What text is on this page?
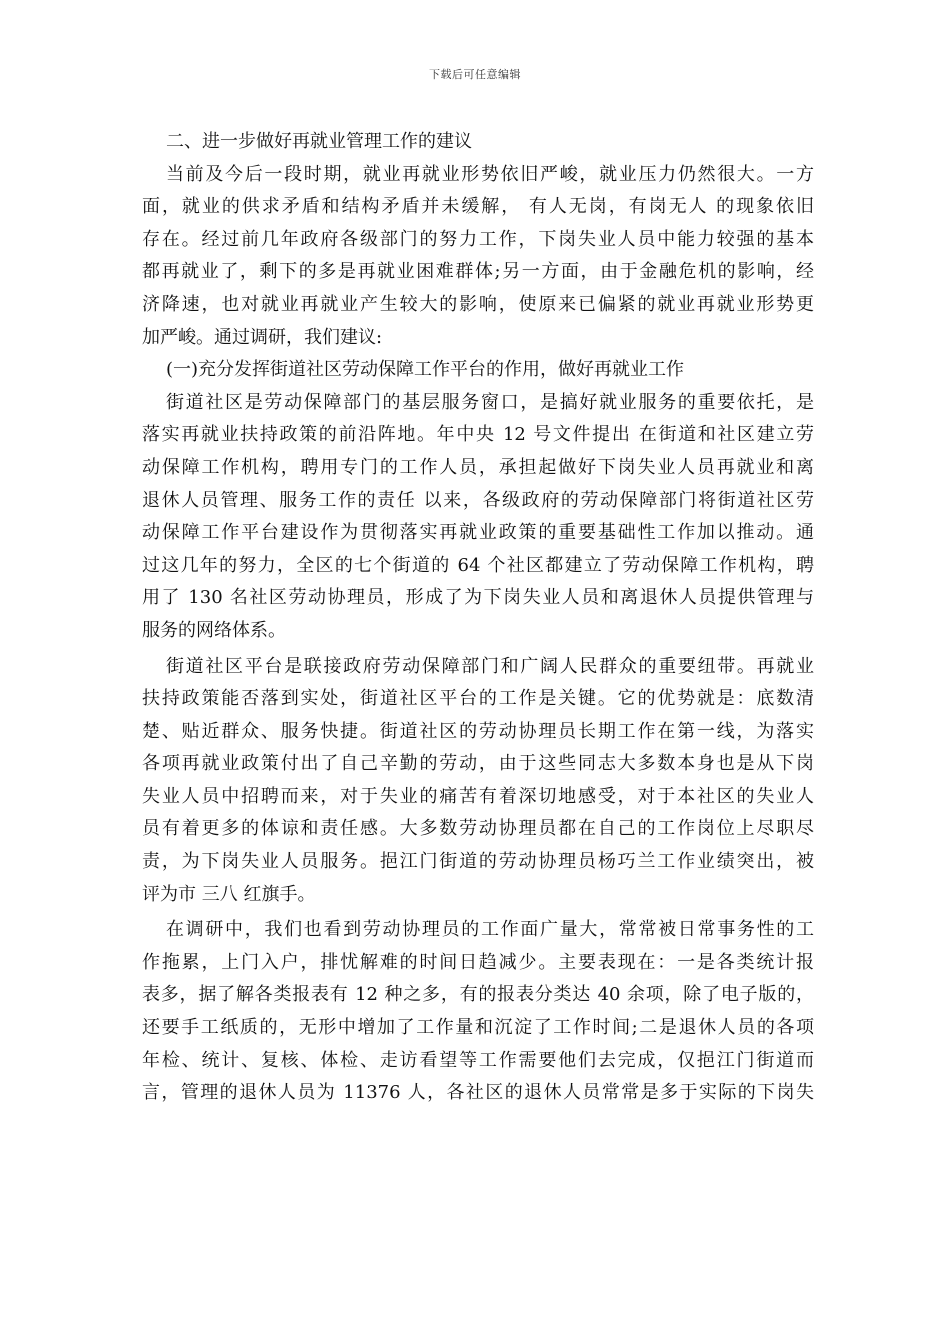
下载后可任意编辑
二、进一步做好再就业管理工作的建议
当前及今后一段时期，就业再就业形势依旧严峻，就业压力仍然很大。一方
面，就业的供求矛盾和结构矛盾并未缓解， 有人无岗，有岗无人 的现象依旧
存在。经过前几年政府各级部门的努力工作，下岗失业人员中能力较强的基本
都再就业了，剩下的多是再就业困难群体;另一方面，由于金融危机的影响，经
济降速，也对就业再就业产生较大的影响，使原来已偏紧的就业再就业形势更
加严峻。通过调研，我们建议:
(一)充分发挥街道社区劳动保障工作平台的作用，做好再就业工作
街道社区是劳动保障部门的基层服务窗口，是搞好就业服务的重要依托，是
落实再就业扶持政策的前沿阵地。年中央 12 号文件提出 在街道和社区建立劳
动保障工作机构，聘用专门的工作人员，承担起做好下岗失业人员再就业和离
退休人员管理、服务工作的责任 以来，各级政府的劳动保障部门将街道社区劳
动保障工作平台建设作为贯彻落实再就业政策的重要基础性工作加以推动。通
过这几年的努力，全区的七个街道的 64 个社区都建立了劳动保障工作机构，聘
用了 130 名社区劳动协理员，形成了为下岗失业人员和离退休人员提供管理与
服务的网络体系。
街道社区平台是联接政府劳动保障部门和广阔人民群众的重要纽带。再就业
扶持政策能否落到实处，街道社区平台的工作是关键。它的优势就是：底数清
楚、贴近群众、服务快捷。街道社区的劳动协理员长期工作在第一线，为落实
各项再就业政策付出了自己辛勤的劳动，由于这些同志大多数本身也是从下岗
失业人员中招聘而来，对于失业的痛苦有着深切地感受，对于本社区的失业人
员有着更多的体谅和责任感。大多数劳动协理员都在自己的工作岗位上尽职尽
责，为下岗失业人员服务。挹江门街道的劳动协理员杨巧兰工作业绩突出，被
评为市 三八 红旗手。
在调研中，我们也看到劳动协理员的工作面广量大，常常被日常事务性的工
作拖累，上门入户，排忧解难的时间日趋减少。主要表现在：一是各类统计报
表多，据了解各类报表有 12 种之多，有的报表分类达 40 余项，除了电子版的，
还要手工纸质的，无形中增加了工作量和沉淀了工作时间;二是退休人员的各项
年检、统计、复核、体检、走访看望等工作需要他们去完成，仅挹江门街道而
言，管理的退休人员为 11376 人，各社区的退休人员常常是多于实际的下岗失
